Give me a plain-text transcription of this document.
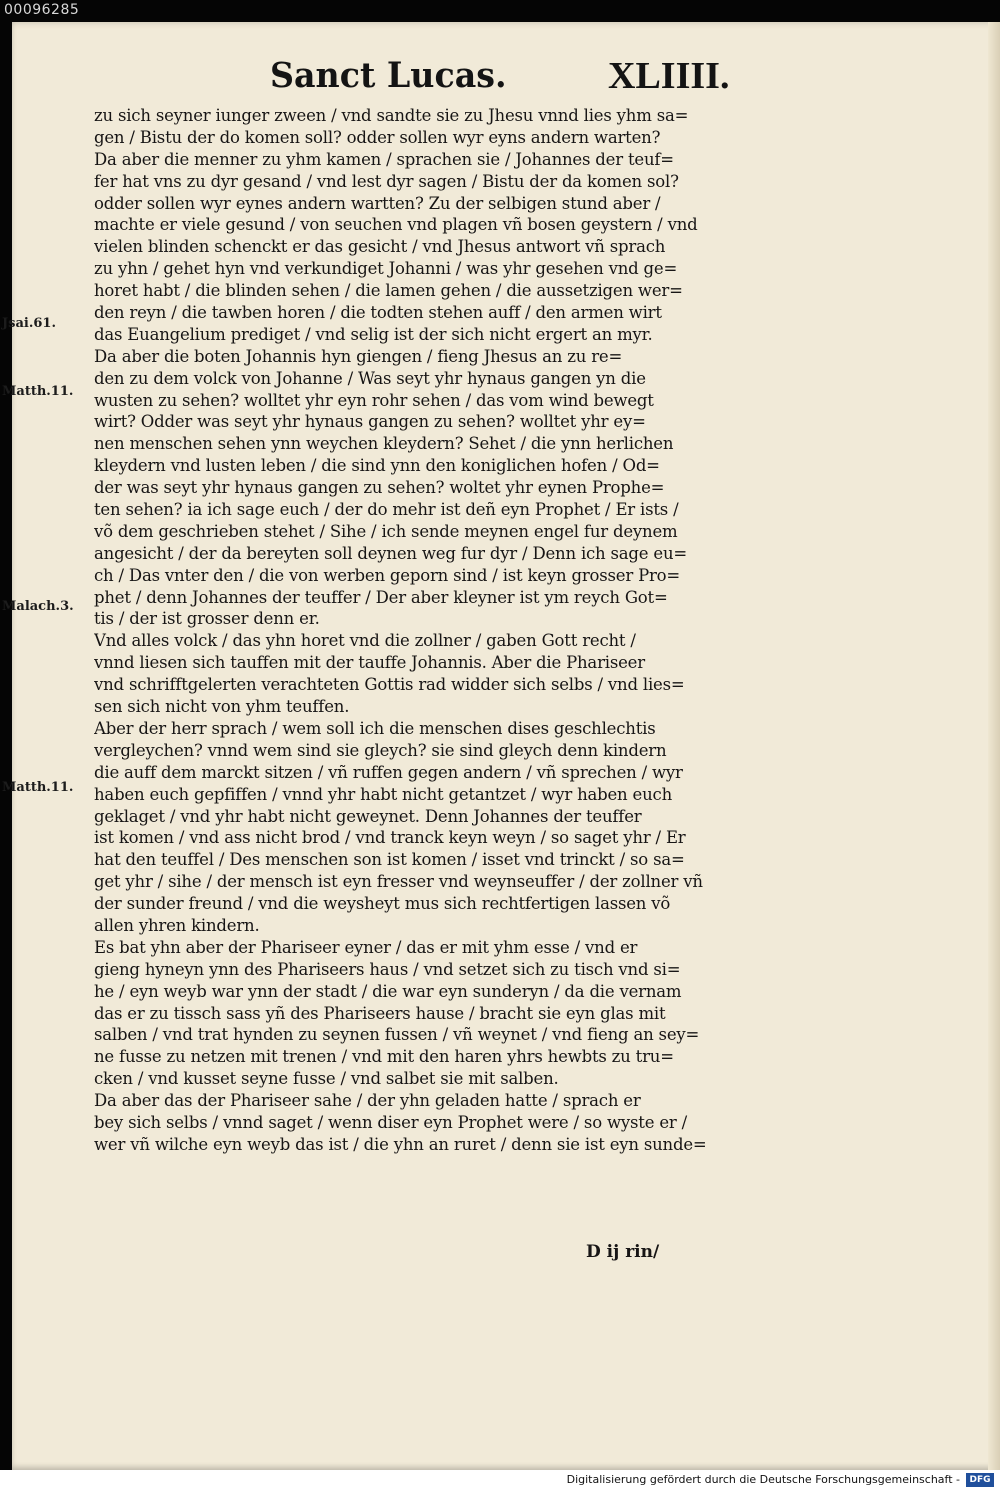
00096285
Sanct Lucas.	XLIIII.
Jsai.61.
Matth.11.
Malach.3.
Matth.11.
zu sich seyner iunger zween / vnd sandte sie zu Jhesu vnnd lies yhm sa=
gen / Bistu der do komen soll? odder sollen wyr eyns andern warten?
Da aber die menner zu yhm kamen / sprachen sie / Johannes der teuf=
fer hat vns zu dyr gesand / vnd lest dyr sagen / Bistu der da komen sol?
odder sollen wyr eynes andern wartten? Zu der selbigen stund aber /
machte er viele gesund / von seuchen vnd plagen vñ bosen geystern / vnd
vielen blinden schenckt er das gesicht / vnd Jhesus antwort vñ sprach
zu yhn / gehet hyn vnd verkundiget Johanni / was yhr gesehen vnd ge=
horet habt / die blinden sehen / die lamen gehen / die aussetzigen wer=
den reyn / die tawben horen / die todten stehen auff / den armen wirt
das Euangelium prediget / vnd selig ist der sich nicht ergert an myr.
Da aber die boten Johannis hyn giengen / fieng Jhesus an zu re=
den zu dem volck von Johanne / Was seyt yhr hynaus gangen yn die
wusten zu sehen? wolltet yhr eyn rohr sehen / das vom wind bewegt
wirt? Odder was seyt yhr hynaus gangen zu sehen? wolltet yhr ey=
nen menschen sehen ynn weychen kleydern? Sehet / die ynn herlichen
kleydern vnd lusten leben / die sind ynn den koniglichen hofen / Od=
der was seyt yhr hynaus gangen zu sehen? woltet yhr eynen Prophe=
ten sehen? ia ich sage euch / der do mehr ist deñ eyn Prophet / Er ists /
võ dem geschrieben stehet / Sihe / ich sende meynen engel fur deynem
angesicht / der da bereyten soll deynen weg fur dyr / Denn ich sage eu=
ch / Das vnter den / die von werben geporn sind / ist keyn grosser Pro=
phet / denn Johannes der teuffer / Der aber kleyner ist ym reych Got=
tis / der ist grosser denn er.
Vnd alles volck / das yhn horet vnd die zollner / gaben Gott recht /
vnnd liesen sich tauffen mit der tauffe Johannis. Aber die Phariseer
vnd schrifftgelerten verachteten Gottis rad widder sich selbs / vnd lies=
sen sich nicht von yhm teuffen.
Aber der herr sprach / wem soll ich die menschen dises geschlechtis
vergleychen? vnnd wem sind sie gleych? sie sind gleych denn kindern
die auff dem marckt sitzen / vñ ruffen gegen andern / vñ sprechen / wyr
haben euch gepfiffen / vnnd yhr habt nicht getantzet / wyr haben euch
geklaget / vnd yhr habt nicht geweynet. Denn Johannes der teuffer
ist komen / vnd ass nicht brod / vnd tranck keyn weyn / so saget yhr / Er
hat den teuffel / Des menschen son ist komen / isset vnd trinckt / so sa=
get yhr / sihe / der mensch ist eyn fresser vnd weynseuffer / der zollner vñ
der sunder freund / vnd die weysheyt mus sich rechtfertigen lassen võ
allen yhren kindern.
Es bat yhn aber der Phariseer eyner / das er mit yhm esse / vnd er
gieng hyneyn ynn des Phariseers haus / vnd setzet sich zu tisch vnd si=
he / eyn weyb war ynn der stadt / die war eyn sunderyn / da die vernam
das er zu tissch sass yñ des Phariseers hause / bracht sie eyn glas mit
salben / vnd trat hynden zu seynen fussen / vñ weynet / vnd fieng an sey=
ne fusse zu netzen mit trenen / vnd mit den haren yhrs hewbts zu tru=
cken / vnd kusset seyne fusse / vnd salbet sie mit salben.
Da aber das der Phariseer sahe / der yhn geladen hatte / sprach er
bey sich selbs / vnnd saget / wenn diser eyn Prophet were / so wyste er /
wer vñ wilche eyn weyb das ist / die yhn an ruret / denn sie ist eyn sunde=
D ij rin/
Digitalisierung gefördert durch die Deutsche Forschungsgemeinschaft -	DFG
